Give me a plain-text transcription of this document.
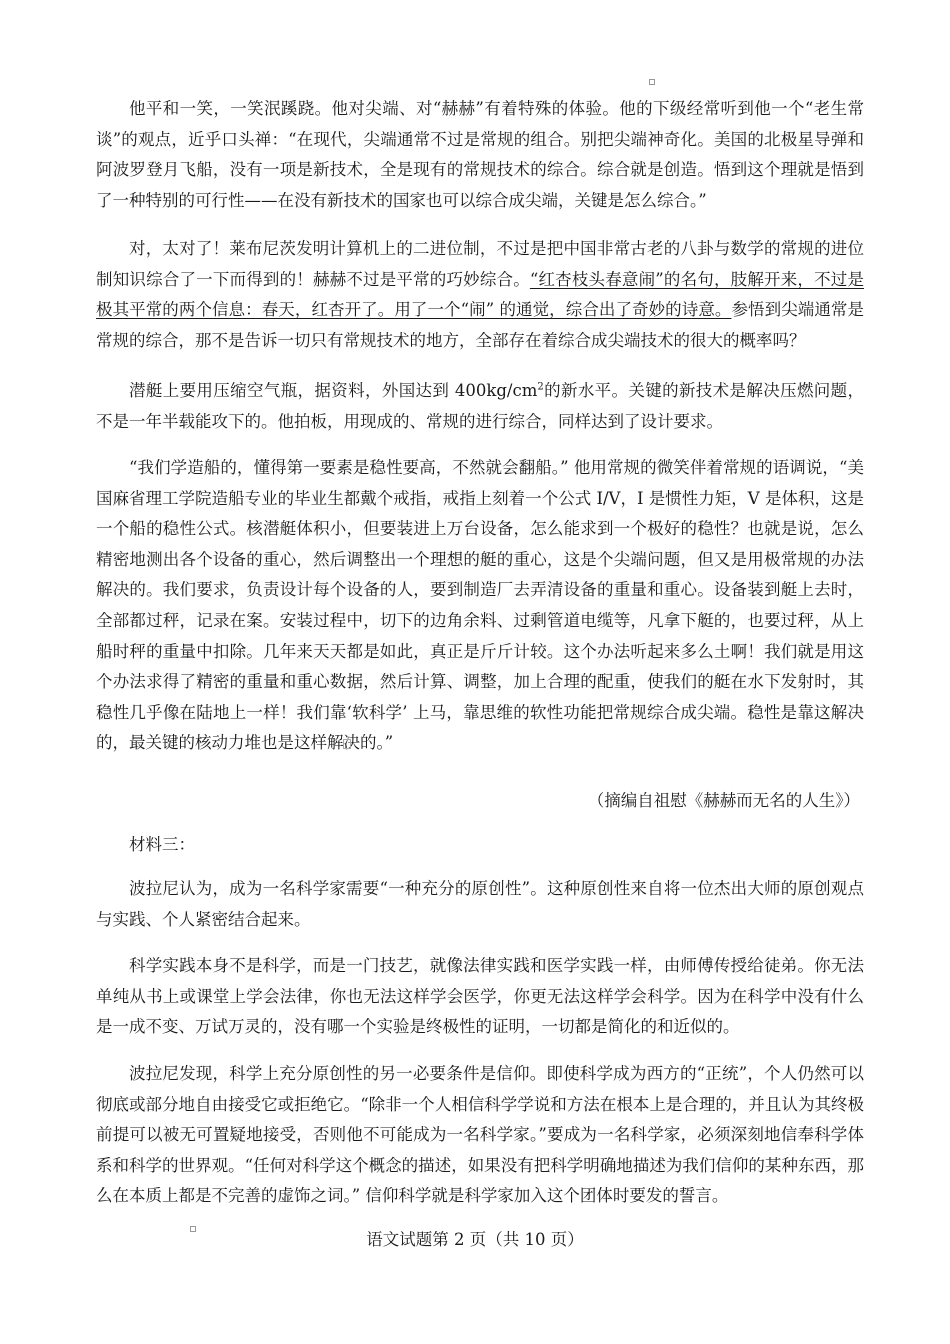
他平和一笑，一笑泯蹊跷。他对尖端、对“赫赫”有着特殊的体验。他的下级经常听到他一个“老生常谈”的观点，近乎口头禅：“在现代，尖端通常不过是常规的组合。别把尖端神奇化。美国的北极星导弹和阿波罗登月飞船，没有一项是新技术，全是现有的常规技术的综合。综合就是创造。悟到这个理就是悟到了一种特别的可行性——在没有新技术的国家也可以综合成尖端，关键是怎么综合。”

对，太对了！莱布尼茨发明计算机上的二进位制，不过是把中国非常古老的八卦与数学的常规的进位制知识综合了一下而得到的！赫赫不过是平常的巧妙综合。“红杏枝头春意闹”的名句，肢解开来，不过是极其平常的两个信息：春天，红杏开了。用了一个“闹” 的通觉，综合出了奇妙的诗意。参悟到尖端通常是常规的综合，那不是告诉一切只有常规技术的地方，全部存在着综合成尖端技术的很大的概率吗？

潜艇上要用压缩空气瓶，据资料，外国达到 $400kg/cm^2$的新水平。关键的新技术是解决压燃问题，不是一年半载能攻下的。他拍板，用现成的、常规的进行综合，同样达到了设计要求。

“我们学造船的，懂得第一要素是稳性要高，不然就会翻船。” 他用常规的微笑伴着常规的语调说，“美国麻省理工学院造船专业的毕业生都戴个戒指，戒指上刻着一个公式 I/V，I 是惯性力矩，V 是体积，这是一个船的稳性公式。核潜艇体积小，但要装进上万台设备，怎么能求到一个极好的稳性？也就是说，怎么精密地测出各个设备的重心，然后调整出一个理想的艇的重心，这是个尖端问题，但又是用极常规的办法解决的。我们要求，负责设计每个设备的人，要到制造厂去弄清设备的重量和重心。设备装到艇上去时，全部都过秤，记录在案。安装过程中，切下的边角余料、过剩管道电缆等，凡拿下艇的，也要过秤，从上船时秤的重量中扣除。几年来天天都是如此，真正是斤斤计较。这个办法听起来多么土啊！我们就是用这个办法求得了精密的重量和重心数据，然后计算、调整，加上合理的配重，使我们的艇在水下发射时，其稳性几乎像在陆地上一样！我们靠‘软科学’ 上马，靠思维的软性功能把常规综合成尖端。稳性是靠这解决的，最关键的核动力堆也是这样解决的。”

（摘编自祖慰《赫赫而无名的人生》）
材料三：

波拉尼认为，成为一名科学家需要“一种充分的原创性”。这种原创性来自将一位杰出大师的原创观点与实践、个人紧密结合起来。

科学实践本身不是科学，而是一门技艺，就像法律实践和医学实践一样，由师傅传授给徒弟。你无法单纯从书上或课堂上学会法律，你也无法这样学会医学，你更无法这样学会科学。因为在科学中没有什么是一成不变、万试万灵的，没有哪一个实验是终极性的证明，一切都是简化的和近似的。

波拉尼发现，科学上充分原创性的另一必要条件是信仰。即使科学成为西方的“正统”，个人仍然可以彻底或部分地自由接受它或拒绝它。“除非一个人相信科学学说和方法在根本上是合理的，并且认为其终极前提可以被无可置疑地接受，否则他不可能成为一名科学家。”要成为一名科学家，必须深刻地信奉科学体系和科学的世界观。“任何对科学这个概念的描述，如果没有把科学明确地描述为我们信仰的某种东西，那么在本质上都是不完善的虚饰之词。” 信仰科学就是科学家加入这个团体时要发的誓言。

语文试题第 2 页（共 10 页）
